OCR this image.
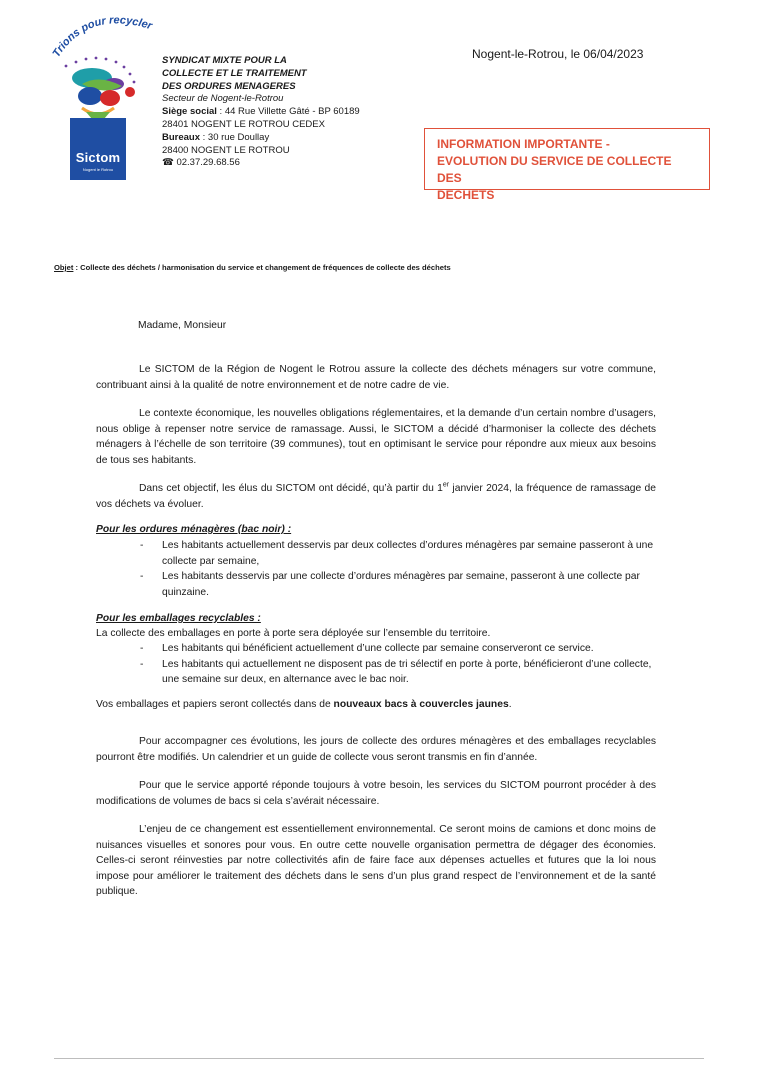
Trions pour recycler
Sictom
Nogent le Rotrou
SYNDICAT MIXTE POUR LA
COLLECTE ET LE TRAITEMENT
DES ORDURES MENAGERES
Secteur de Nogent-le-Rotrou
Siège social : 44 Rue Villette Gâté - BP 60189
28401 NOGENT LE ROTROU CEDEX
Bureaux : 30 rue Doullay
28400 NOGENT LE ROTROU
☎ 02.37.29.68.56
Nogent-le-Rotrou, le 06/04/2023
INFORMATION IMPORTANTE -
EVOLUTION DU SERVICE DE COLLECTE DES
DECHETS
Objet : Collecte des déchets / harmonisation du service et changement de fréquences de collecte des déchets
Madame, Monsieur
Le SICTOM de la Région de Nogent le Rotrou assure la collecte des déchets ménagers sur votre commune, contribuant ainsi à la qualité de notre environnement et de notre cadre de vie.
Le contexte économique, les nouvelles obligations réglementaires, et la demande d’un certain nombre d’usagers, nous oblige à repenser notre service de ramassage. Aussi, le SICTOM a décidé d’harmoniser la collecte des déchets ménagers à l’échelle de son territoire (39 communes), tout en optimisant le service pour répondre aux mieux aux besoins de tous ses habitants.
Dans cet objectif, les élus du SICTOM ont décidé, qu’à partir du 1er janvier 2024, la fréquence de ramassage de vos déchets va évoluer.
Pour les ordures ménagères (bac noir) :
- Les habitants actuellement desservis par deux collectes d’ordures ménagères par semaine passeront à une collecte par semaine,
- Les habitants desservis par une collecte d’ordures ménagères par semaine, passeront à une collecte par quinzaine.
Pour les emballages recyclables :
La collecte des emballages en porte à porte sera déployée sur l’ensemble du territoire.
- Les habitants qui bénéficient actuellement d’une collecte par semaine conserveront ce service.
- Les habitants qui actuellement ne disposent pas de tri sélectif en porte à porte, bénéficieront d’une collecte, une semaine sur deux, en alternance avec le bac noir.
Vos emballages et papiers seront collectés dans de nouveaux bacs à couvercles jaunes.
Pour accompagner ces évolutions, les jours de collecte des ordures ménagères et des emballages recyclables pourront être modifiés. Un calendrier et un guide de collecte vous seront transmis en fin d’année.
Pour que le service apporté réponde toujours à votre besoin, les services du SICTOM pourront procéder à des modifications de volumes de bacs si cela s’avérait nécessaire.
L’enjeu de ce changement est essentiellement environnemental. Ce seront moins de camions et donc moins de nuisances visuelles et sonores pour vous. En outre cette nouvelle organisation permettra de dégager des économies. Celles-ci seront réinvesties par notre collectivités afin de faire face aux dépenses actuelles et futures que la loi nous impose pour améliorer le traitement des déchets dans le sens d’un plus grand respect de l’environnement et de la santé publique.
